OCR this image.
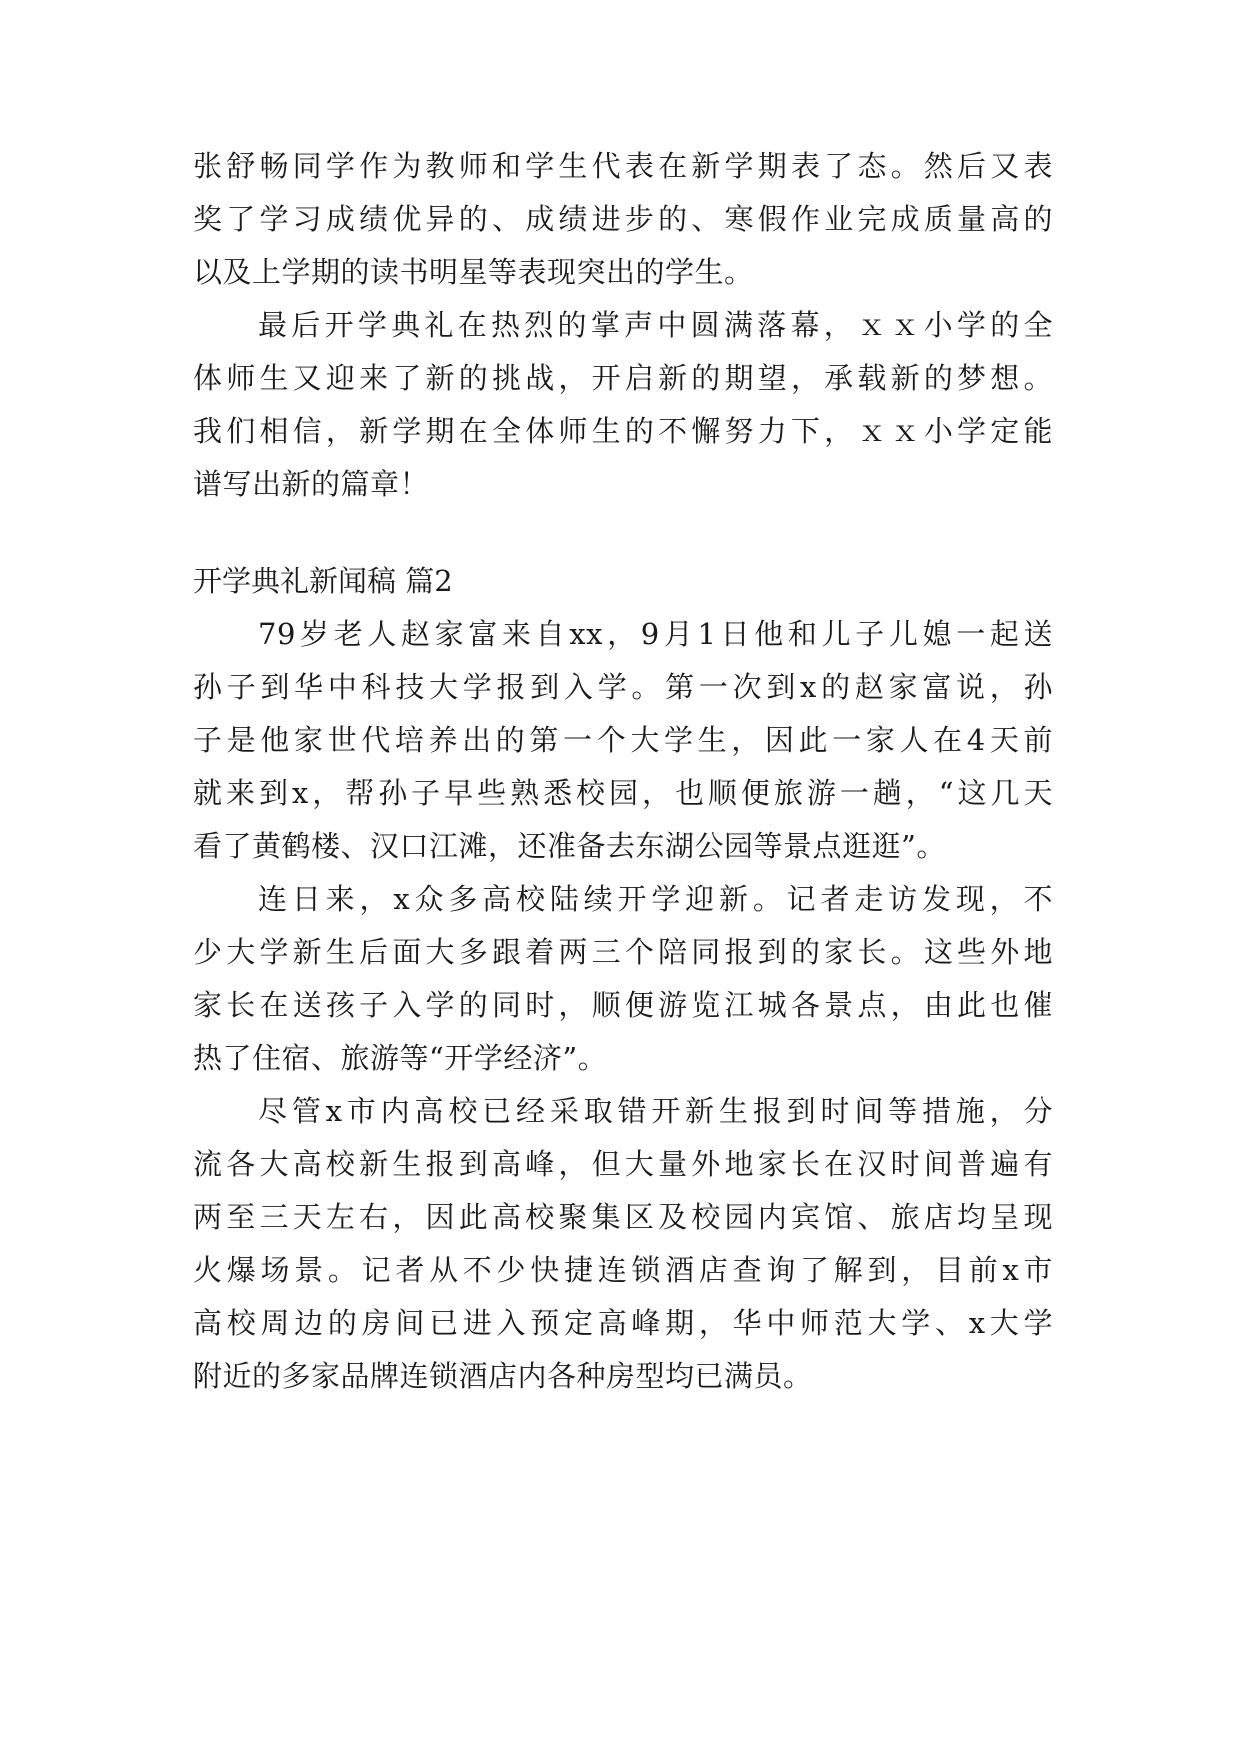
张舒畅同学作为教师和学生代表在新学期表了态。然后又表
奖了学习成绩优异的、成绩进步的、寒假作业完成质量高的
以及上学期的读书明星等表现突出的学生。
最后开学典礼在热烈的掌声中圆满落幕，ｘｘ小学的全
体师生又迎来了新的挑战，开启新的期望，承载新的梦想。
我们相信，新学期在全体师生的不懈努力下，ｘｘ小学定能
谱写出新的篇章！
开学典礼新闻稿 篇2
79岁老人赵家富来自xx，9月1日他和儿子儿媳一起送
孙子到华中科技大学报到入学。第一次到x的赵家富说，孙
子是他家世代培养出的第一个大学生，因此一家人在4天前
就来到x，帮孙子早些熟悉校园，也顺便旅游一趟，“这几天
看了黄鹤楼、汉口江滩，还准备去东湖公园等景点逛逛”。
连日来，x众多高校陆续开学迎新。记者走访发现，不
少大学新生后面大多跟着两三个陪同报到的家长。这些外地
家长在送孩子入学的同时，顺便游览江城各景点，由此也催
热了住宿、旅游等“开学经济”。
尽管x市内高校已经采取错开新生报到时间等措施，分
流各大高校新生报到高峰，但大量外地家长在汉时间普遍有
两至三天左右，因此高校聚集区及校园内宾馆、旅店均呈现
火爆场景。记者从不少快捷连锁酒店查询了解到，目前x市
高校周边的房间已进入预定高峰期，华中师范大学、x大学
附近的多家品牌连锁酒店内各种房型均已满员。
